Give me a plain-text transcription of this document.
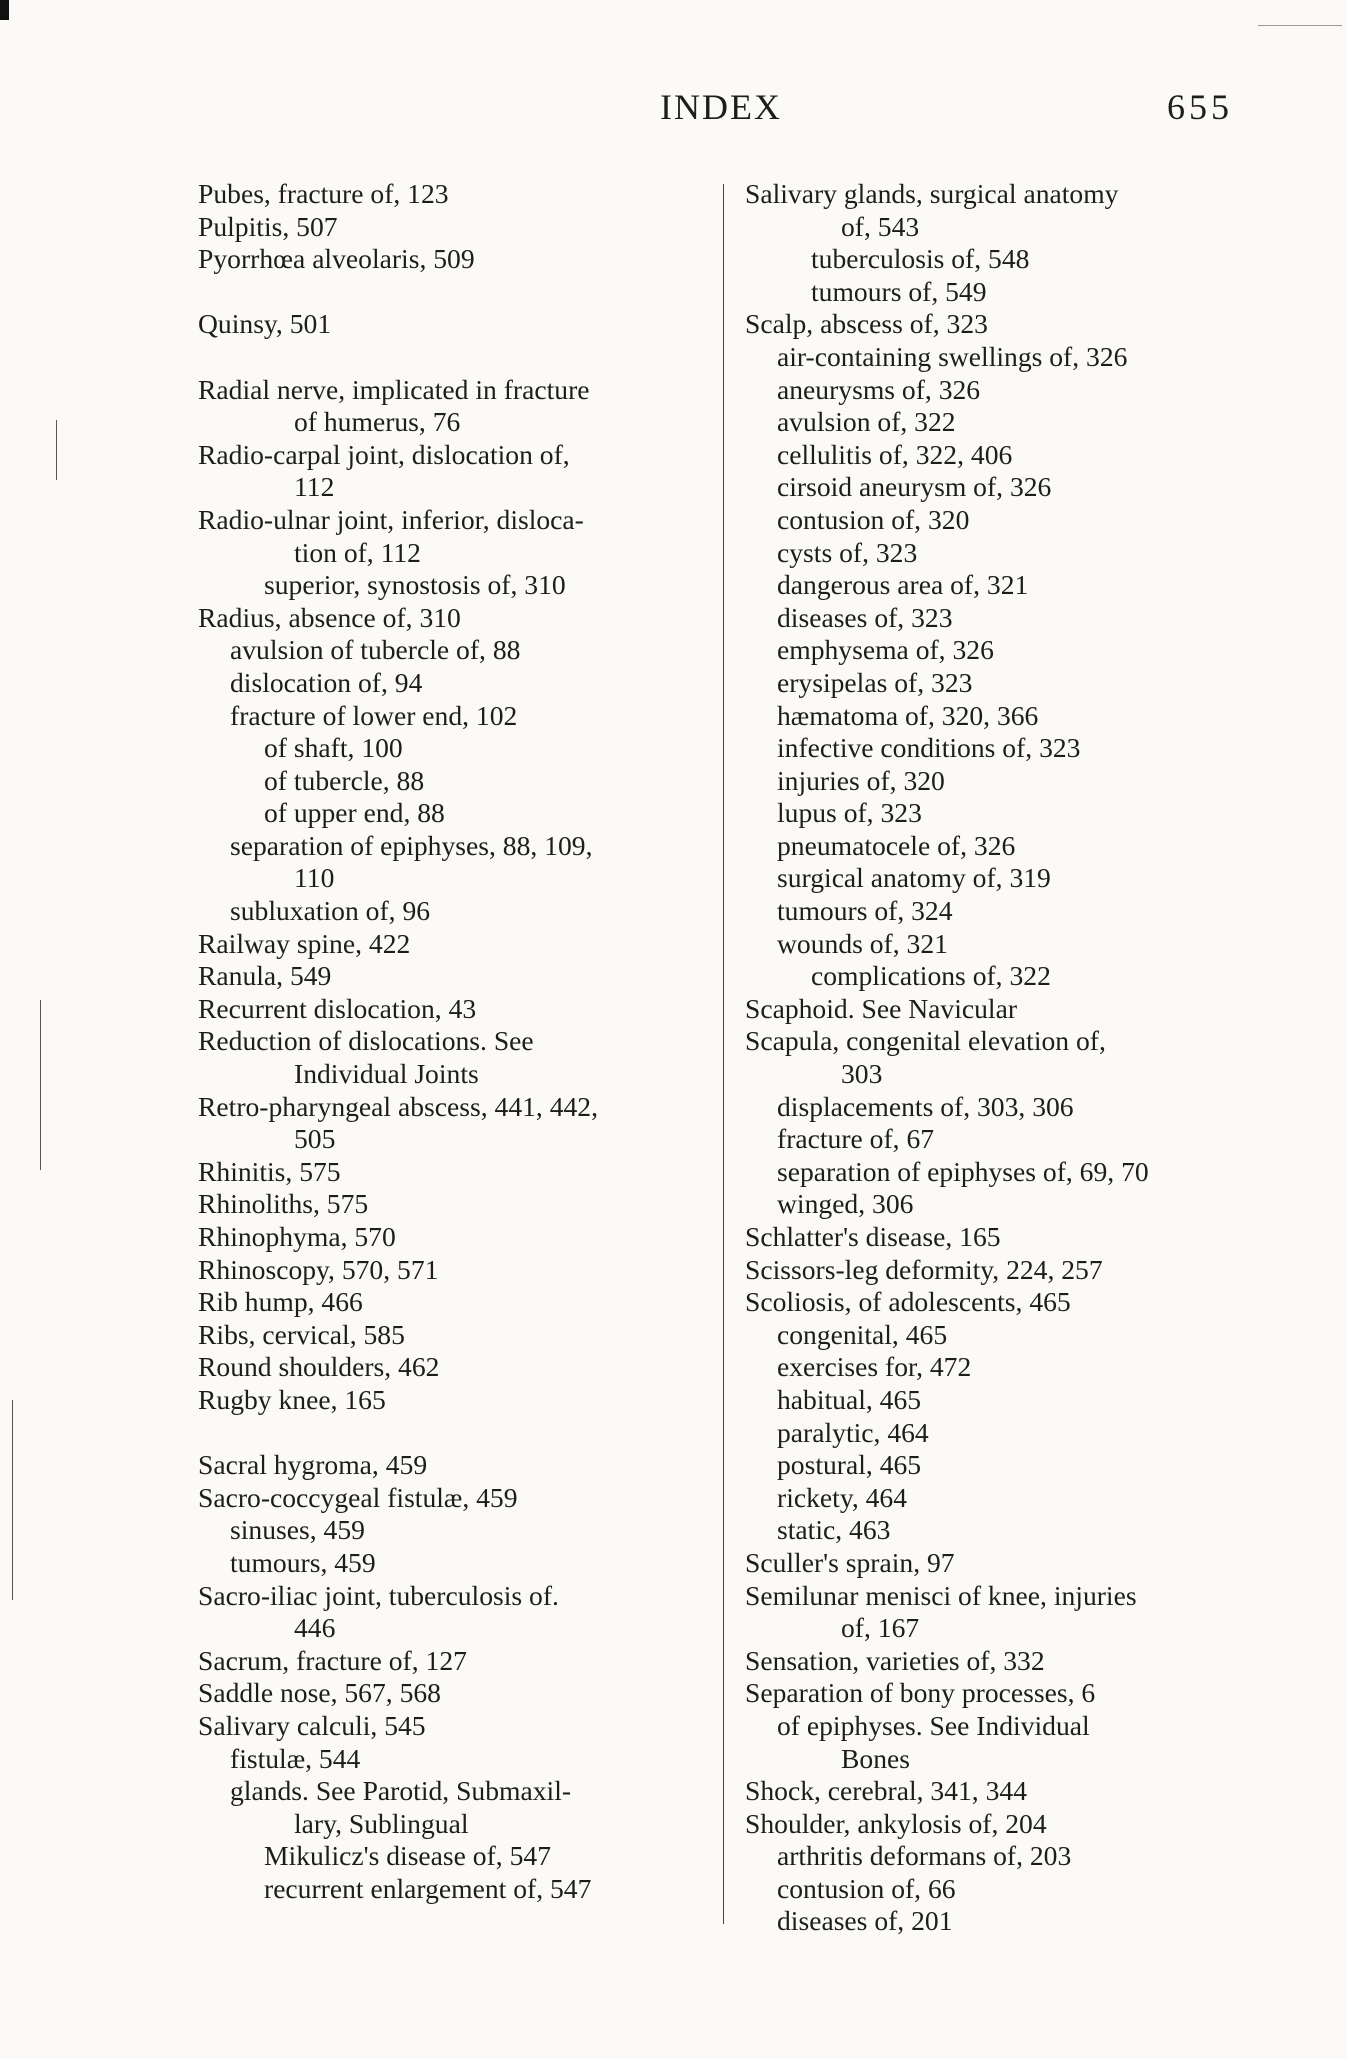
INDEX	655
Pubes, fracture of, 123
Pulpitis, 507
Pyorrhœa alveolaris, 509
Quinsy, 501
Radial nerve, implicated in fracture
of humerus, 76
Radio-carpal joint, dislocation of,
112
Radio-ulnar joint, inferior, disloca-
tion of, 112
superior, synostosis of, 310
Radius, absence of, 310
avulsion of tubercle of, 88
dislocation of, 94
fracture of lower end, 102
of shaft, 100
of tubercle, 88
of upper end, 88
separation of epiphyses, 88, 109,
110
subluxation of, 96
Railway spine, 422
Ranula, 549
Recurrent dislocation, 43
Reduction of dislocations. See
Individual Joints
Retro-pharyngeal abscess, 441, 442,
505
Rhinitis, 575
Rhinoliths, 575
Rhinophyma, 570
Rhinoscopy, 570, 571
Rib hump, 466
Ribs, cervical, 585
Round shoulders, 462
Rugby knee, 165
Sacral hygroma, 459
Sacro-coccygeal fistulæ, 459
sinuses, 459
tumours, 459
Sacro-iliac joint, tuberculosis of.
446
Sacrum, fracture of, 127
Saddle nose, 567, 568
Salivary calculi, 545
fistulæ, 544
glands. See Parotid, Submaxil-
lary, Sublingual
Mikulicz's disease of, 547
recurrent enlargement of, 547
Salivary glands, surgical anatomy
of, 543
tuberculosis of, 548
tumours of, 549
Scalp, abscess of, 323
air-containing swellings of, 326
aneurysms of, 326
avulsion of, 322
cellulitis of, 322, 406
cirsoid aneurysm of, 326
contusion of, 320
cysts of, 323
dangerous area of, 321
diseases of, 323
emphysema of, 326
erysipelas of, 323
hæmatoma of, 320, 366
infective conditions of, 323
injuries of, 320
lupus of, 323
pneumatocele of, 326
surgical anatomy of, 319
tumours of, 324
wounds of, 321
complications of, 322
Scaphoid. See Navicular
Scapula, congenital elevation of,
303
displacements of, 303, 306
fracture of, 67
separation of epiphyses of, 69, 70
winged, 306
Schlatter's disease, 165
Scissors-leg deformity, 224, 257
Scoliosis, of adolescents, 465
congenital, 465
exercises for, 472
habitual, 465
paralytic, 464
postural, 465
rickety, 464
static, 463
Sculler's sprain, 97
Semilunar menisci of knee, injuries
of, 167
Sensation, varieties of, 332
Separation of bony processes, 6
of epiphyses. See Individual
Bones
Shock, cerebral, 341, 344
Shoulder, ankylosis of, 204
arthritis deformans of, 203
contusion of, 66
diseases of, 201
